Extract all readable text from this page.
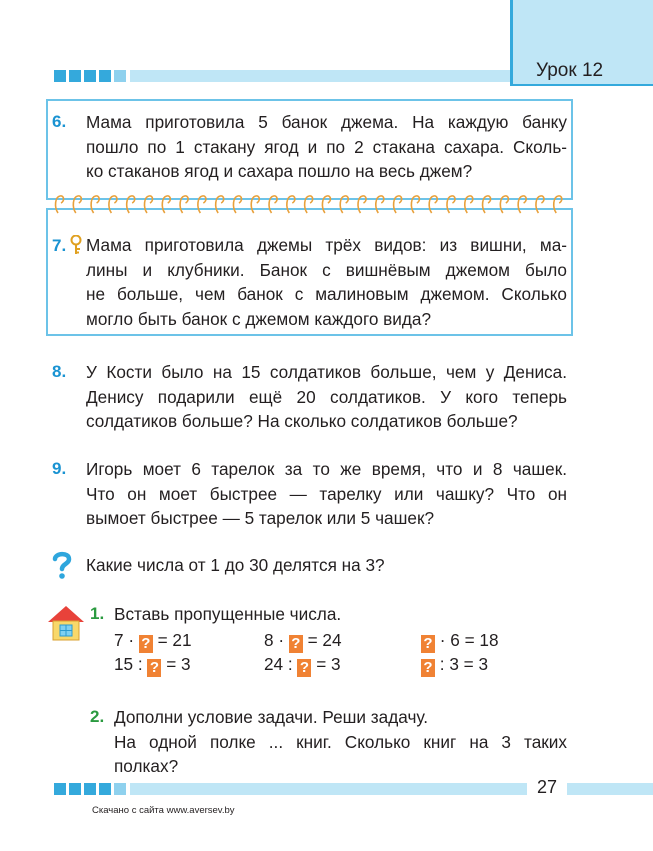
Урок 12
6. Мама приготовила 5 банок джема. На каждую банку
пошло по 1 стакану ягод и по 2 стакана сахара. Сколь-
ко стаканов ягод и сахара пошло на весь джем?
7. Мама приготовила джемы трёх видов: из вишни, ма-
лины и клубники. Банок с вишнёвым джемом было
не больше, чем банок с малиновым джемом. Сколько
могло быть банок с джемом каждого вида?
8. У Кости было на 15 солдатиков больше, чем у Дениса.
Денису подарили ещё 20 солдатиков. У кого теперь
солдатиков больше? На сколько солдатиков больше?
9. Игорь моет 6 тарелок за то же время, что и 8 чашек.
Что он моет быстрее — тарелку или чашку? Что он
вымоет быстрее — 5 тарелок или 5 чашек?
Какие числа от 1 до 30 делятся на 3?
1. Вставь пропущенные числа.
7 · ? = 21	8 · ? = 24	? · 6 = 18
15 : ? = 3	24 : ? = 3	? : 3 = 3
2. Дополни условие задачи. Реши задачу.
На одной полке ... книг. Сколько книг на 3 таких
полках?
27
Скачано с сайта www.aversev.by
